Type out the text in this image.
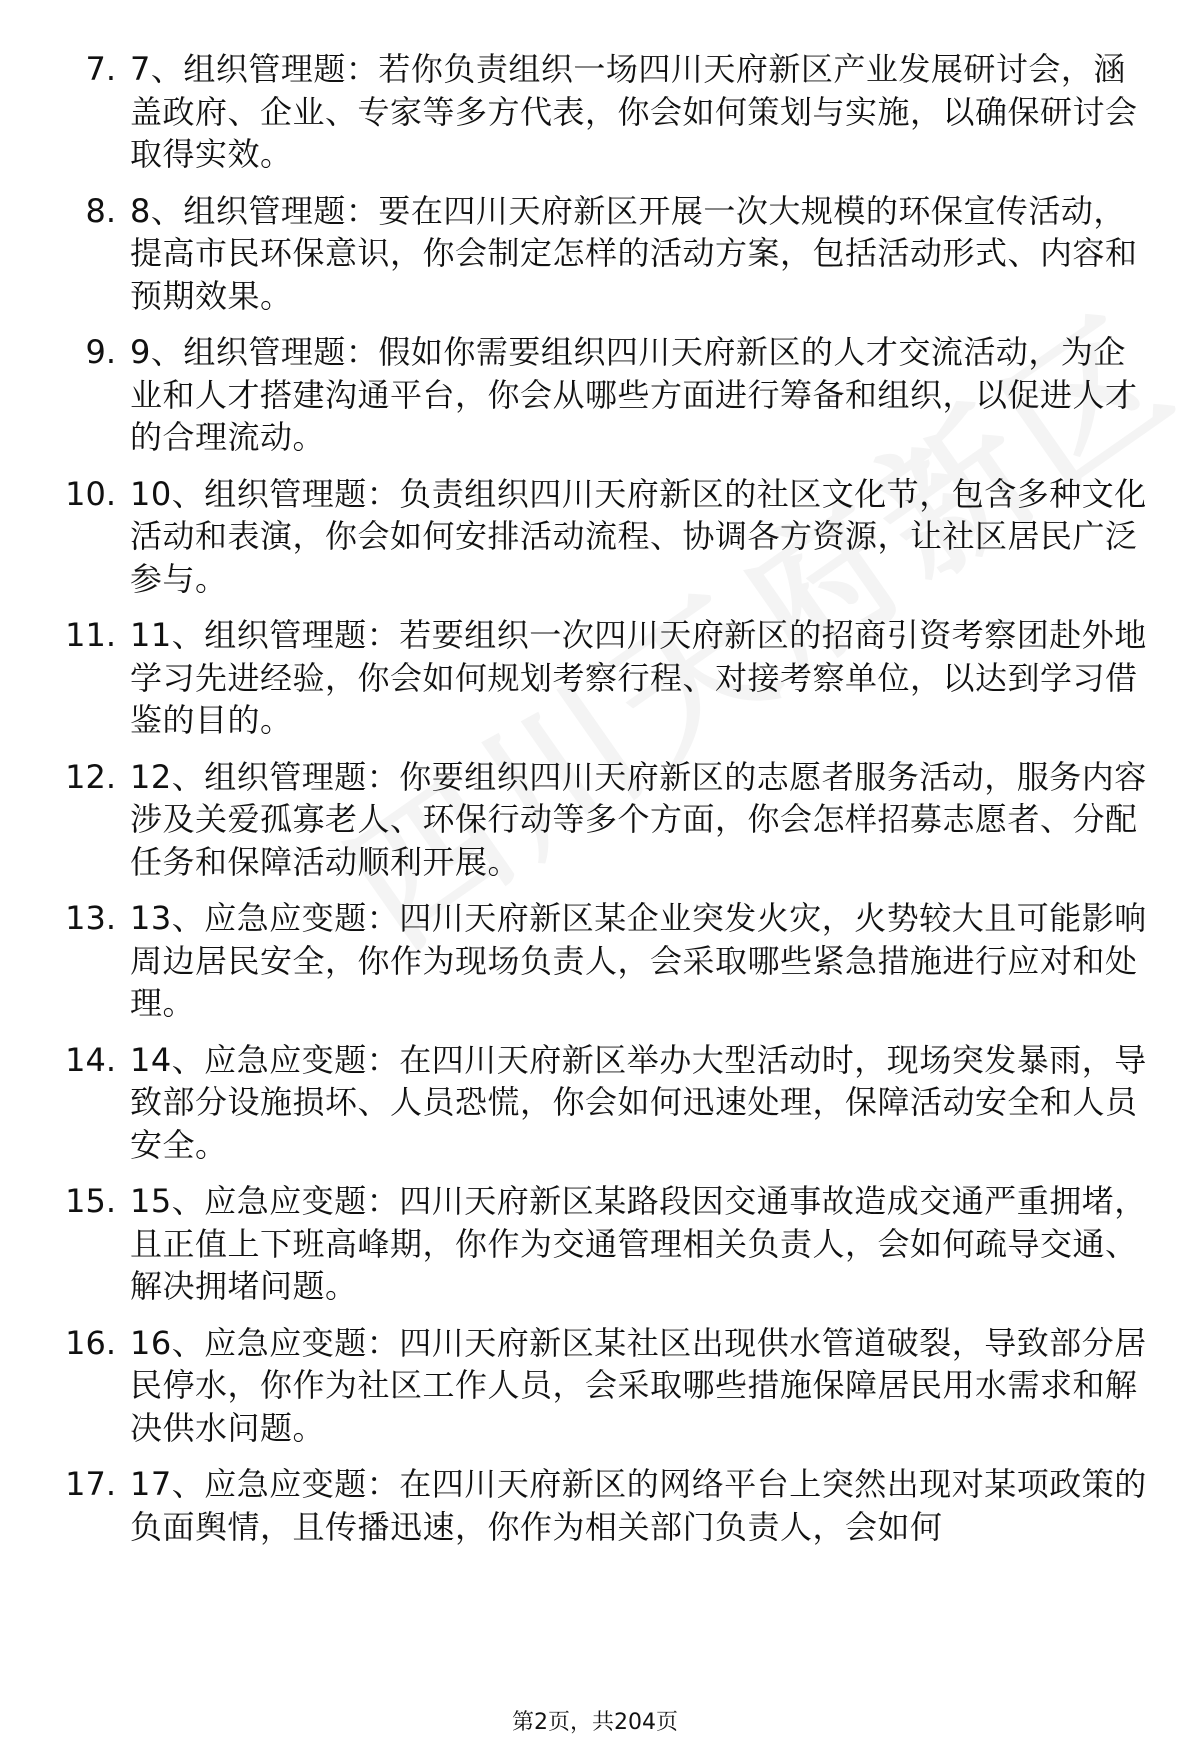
7. 7、组织管理题：若你负责组织一场四川天府新区产业发展研讨会，涵盖政府、企业、专家等多方代表，你会如何策划与实施，以确保研讨会取得实效。
8. 8、组织管理题：要在四川天府新区开展一次大规模的环保宣传活动，提高市民环保意识，你会制定怎样的活动方案，包括活动形式、内容和预期效果。
9. 9、组织管理题：假如你需要组织四川天府新区的人才交流活动，为企业和人才搭建沟通平台，你会从哪些方面进行筹备和组织，以促进人才的合理流动。
10. 10、组织管理题：负责组织四川天府新区的社区文化节，包含多种文化活动和表演，你会如何安排活动流程、协调各方资源，让社区居民广泛参与。
11. 11、组织管理题：若要组织一次四川天府新区的招商引资考察团赴外地学习先进经验，你会如何规划考察行程、对接考察单位，以达到学习借鉴的目的。
12. 12、组织管理题：你要组织四川天府新区的志愿者服务活动，服务内容涉及关爱孤寡老人、环保行动等多个方面，你会怎样招募志愿者、分配任务和保障活动顺利开展。
13. 13、应急应变题：四川天府新区某企业突发火灾，火势较大且可能影响周边居民安全，你作为现场负责人，会采取哪些紧急措施进行应对和处理。
14. 14、应急应变题：在四川天府新区举办大型活动时，现场突发暴雨，导致部分设施损坏、人员恐慌，你会如何迅速处理，保障活动安全和人员安全。
15. 15、应急应变题：四川天府新区某路段因交通事故造成交通严重拥堵，且正值上下班高峰期，你作为交通管理相关负责人，会如何疏导交通、解决拥堵问题。
16. 16、应急应变题：四川天府新区某社区出现供水管道破裂，导致部分居民停水，你作为社区工作人员，会采取哪些措施保障居民用水需求和解决供水问题。
17. 17、应急应变题：在四川天府新区的网络平台上突然出现对某项政策的负面舆情，且传播迅速，你作为相关部门负责人，会如何
第2页，共204页
